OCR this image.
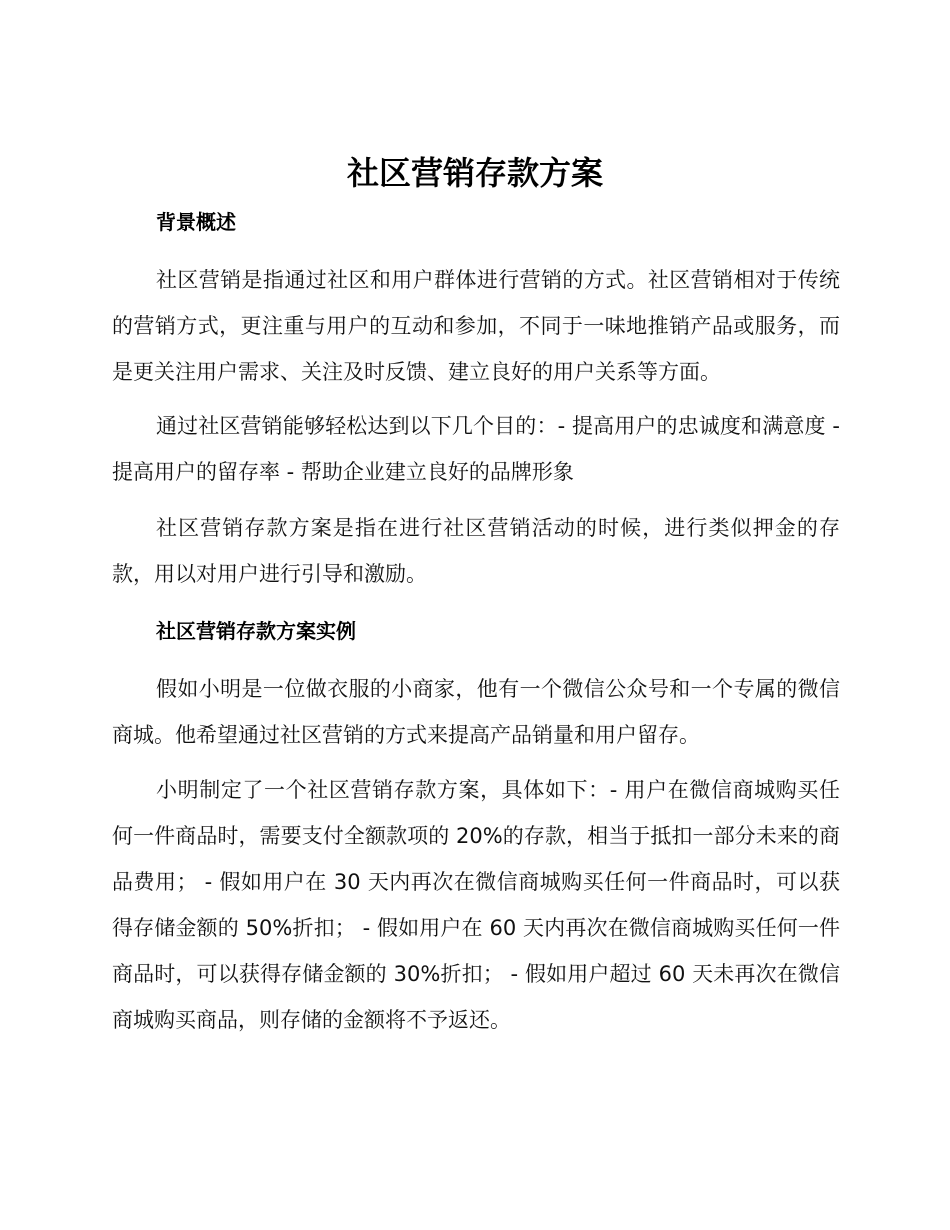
社区营销存款方案
背景概述

社区营销是指通过社区和用户群体进行营销的方式。社区营销相对于传统的营销方式，更注重与用户的互动和参加，不同于一味地推销产品或服务，而是更关注用户需求、关注及时反馈、建立良好的用户关系等方面。

通过社区营销能够轻松达到以下几个目的：- 提高用户的忠诚度和满意度 - 提高用户的留存率 - 帮助企业建立良好的品牌形象

社区营销存款方案是指在进行社区营销活动的时候，进行类似押金的存款，用以对用户进行引导和激励。

社区营销存款方案实例

假如小明是一位做衣服的小商家，他有一个微信公众号和一个专属的微信商城。他希望通过社区营销的方式来提高产品销量和用户留存。

小明制定了一个社区营销存款方案，具体如下：- 用户在微信商城购买任何一件商品时，需要支付全额款项的 20%的存款，相当于抵扣一部分未来的商品费用； - 假如用户在 30 天内再次在微信商城购买任何一件商品时，可以获得存储金额的 50%折扣； - 假如用户在 60 天内再次在微信商城购买任何一件商品时，可以获得存储金额的 30%折扣； - 假如用户超过 60 天未再次在微信商城购买商品，则存储的金额将不予返还。
